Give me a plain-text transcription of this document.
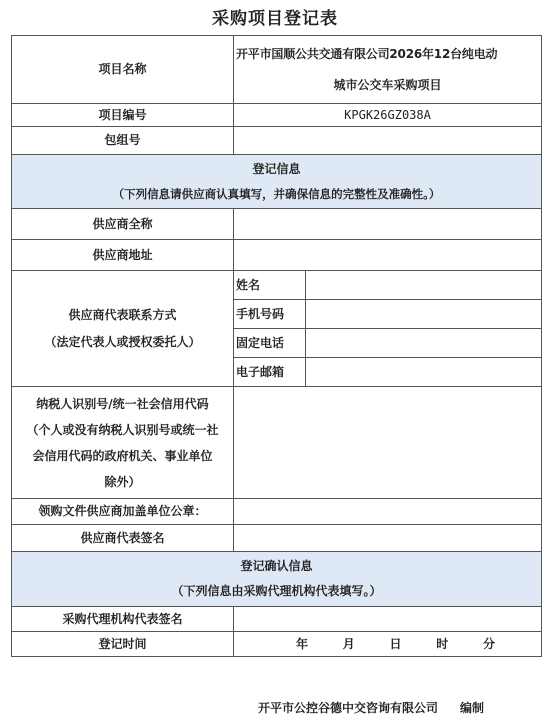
采购项目登记表
项目名称	开平市国顺公共交通有限公司2026年12台纯电动
城市公交车采购项目	

项目编号	KPGK26GZ038A	
包组号		

登记信息
（下列信息请供应商认真填写，并确保信息的完整性及准确性。）		

供应商全称		
供应商地址		

供应商代表联系方式
（法定代表人或授权委托人）	姓名	
	手机号码	
	固定电话	
	电子邮箱	

纳税人识别号/统一社会信用代码
（个人或没有纳税人识别号或统一社
会信用代码的政府机关、事业单位
除外）		

领购文件供应商加盖单位公章：		
供应商代表签名		

登记确认信息
（下列信息由采购代理机构代表填写。）		

采购代理机构代表签名		
登记时间	年 月 日 时 分	
开平市公控谷德中交咨询有限公司 编制
